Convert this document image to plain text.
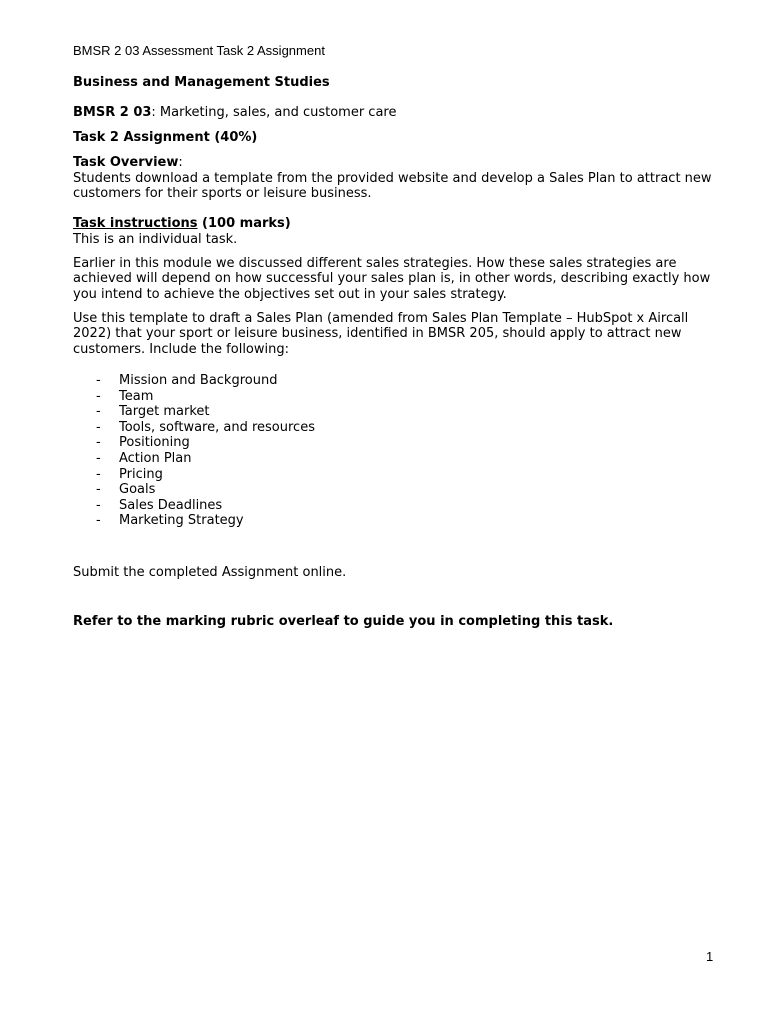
BMSR 2 03 Assessment Task 2 Assignment
Business and Management Studies
BMSR 2 03: Marketing, sales, and customer care
Task 2 Assignment (40%)
Task Overview:
Students download a template from the provided website and develop a Sales Plan to attract new
customers for their sports or leisure business.
Task instructions (100 marks)
This is an individual task.
Earlier in this module we discussed different sales strategies. How these sales strategies are
achieved will depend on how successful your sales plan is, in other words, describing exactly how
you intend to achieve the objectives set out in your sales strategy.
Use this template to draft a Sales Plan (amended from Sales Plan Template – HubSpot x Aircall
2022) that your sport or leisure business, identified in BMSR 205, should apply to attract new
customers. Include the following:
- Mission and Background
- Team
- Target market
- Tools, software, and resources
- Positioning
- Action Plan
- Pricing
- Goals
- Sales Deadlines
- Marketing Strategy
Submit the completed Assignment online.
Refer to the marking rubric overleaf to guide you in completing this task.
1
